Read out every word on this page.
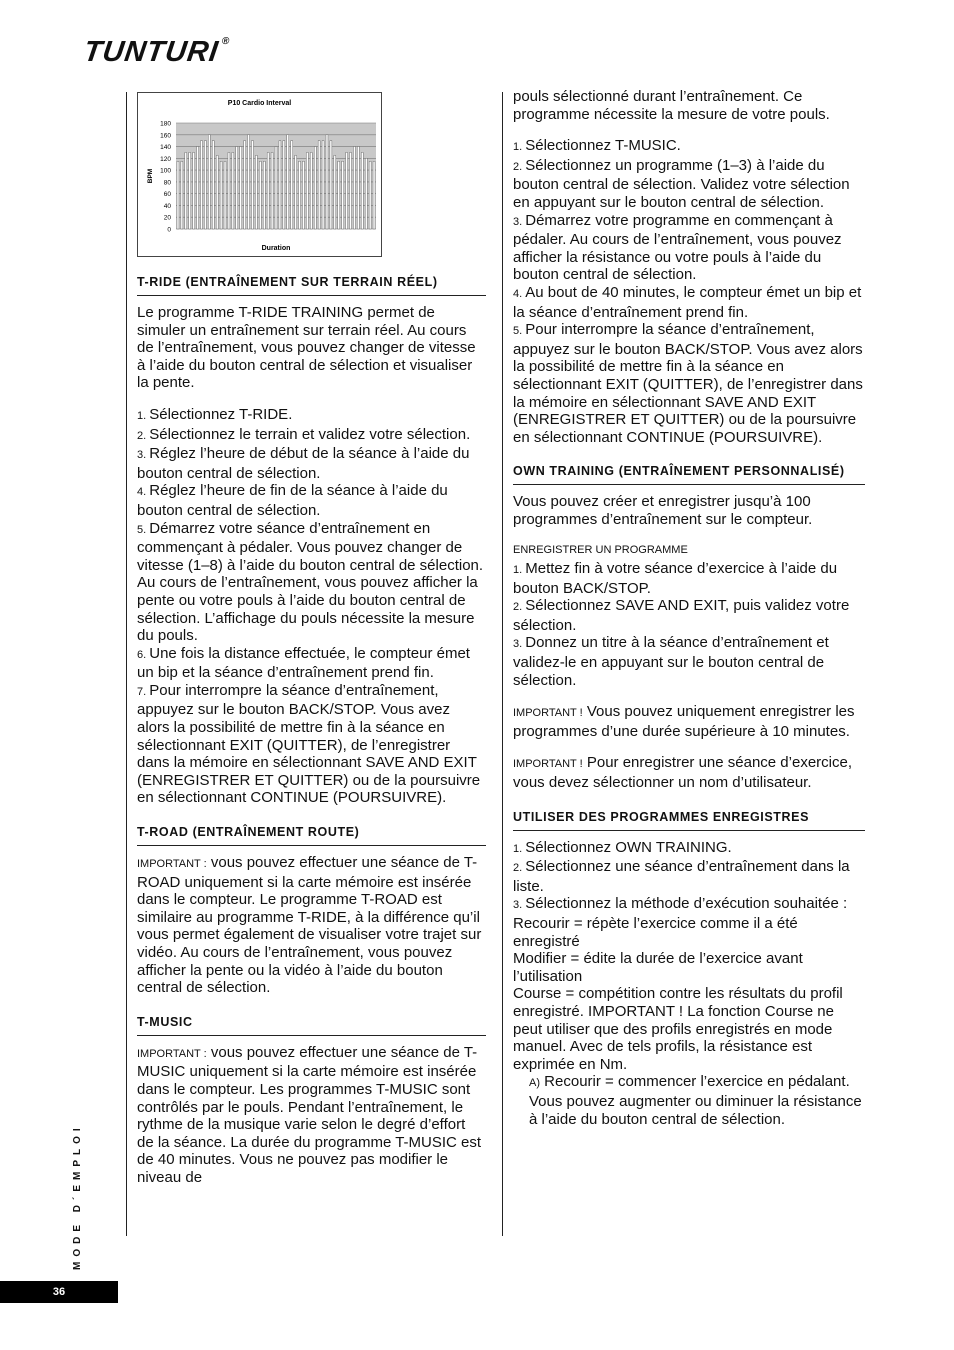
TUNTURI®
MODE D´EMPLOI
36
P10 Cardio Interval
0
20
40
60
80
100
120
140
160
180
BPM
Duration
T-RIDE (ENTRAÎNEMENT SUR TERRAIN RÉEL)

Le programme T-RIDE TRAINING permet de simuler un entraînement sur terrain réel. Au cours de l’entraînement, vous pouvez changer de vitesse à l’aide du bouton central de sélection et visualiser la pente.

1. Sélectionnez T-RIDE.

2. Sélectionnez le terrain et validez votre sélection.

3. Réglez l’heure de début de la séance à l’aide du bouton central de sélection.

4. Réglez l’heure de fin de la séance à l’aide du bouton central de sélection.

5. Démarrez votre séance d’entraînement en commençant à pédaler. Vous pouvez changer de vitesse (1–8) à l’aide du bouton central de sélection. Au cours de l’entraînement, vous pouvez afficher la pente ou votre pouls à l’aide du bouton central de sélection. L’affichage du pouls nécessite la mesure du pouls.

6. Une fois la distance effectuée, le compteur émet un bip et la séance d’entraînement prend fin.

7. Pour interrompre la séance d’entraînement, appuyez sur le bouton BACK/STOP. Vous avez alors la possibilité de mettre fin à la séance en sélectionnant EXIT (QUITTER), de l’enregistrer dans la mémoire en sélectionnant SAVE AND EXIT (ENREGISTRER ET QUITTER) ou de la poursuivre en sélectionnant CONTINUE (POURSUIVRE).

T-ROAD (ENTRAÎNEMENT ROUTE)

IMPORTANT : vous pouvez effectuer une séance de T-ROAD uniquement si la carte mémoire est insérée dans le compteur. Le programme T-ROAD est similaire au programme T-RIDE, à la différence qu’il vous permet également de visualiser votre trajet sur vidéo. Au cours de l’entraînement, vous pouvez afficher la pente ou la vidéo à l’aide du bouton central de sélection.

T-MUSIC

IMPORTANT : vous pouvez effectuer une séance de T-MUSIC uniquement si la carte mémoire est insérée dans le compteur. Les programmes T-MUSIC sont contrôlés par le pouls. Pendant l’entraînement, le rythme de la musique varie selon le degré d’effort de la séance. La durée du programme T-MUSIC est de 40 minutes. Vous ne pouvez pas modifier le niveau de

pouls sélectionné durant l’entraînement. Ce programme nécessite la mesure de votre pouls.

1. Sélectionnez T-MUSIC.

2. Sélectionnez un programme (1–3) à l’aide du bouton central de sélection. Validez votre sélection en appuyant sur le bouton central de sélection.

3. Démarrez votre programme en commençant à pédaler. Au cours de l’entraînement, vous pouvez afficher la résistance ou votre pouls à l’aide du bouton central de sélection.

4. Au bout de 40 minutes, le compteur émet un bip et la séance d’entraînement prend fin.

5. Pour interrompre la séance d’entraînement, appuyez sur le bouton BACK/STOP. Vous avez alors la possibilité de mettre fin à la séance en sélectionnant EXIT (QUITTER), de l’enregistrer dans la mémoire en sélectionnant SAVE AND EXIT (ENREGISTRER ET QUITTER) ou de la poursuivre en sélectionnant CONTINUE (POURSUIVRE).

OWN TRAINING (ENTRAÎNEMENT PERSONNALISÉ)

Vous pouvez créer et enregistrer jusqu’à 100 programmes d’entraînement sur le compteur.

ENREGISTRER UN PROGRAMME

1. Mettez fin à votre séance d’exercice à l’aide du bouton BACK/STOP.

2. Sélectionnez SAVE AND EXIT, puis validez votre sélection.

3. Donnez un titre à la séance d’entraînement et validez-le en appuyant sur le bouton central de sélection.

IMPORTANT ! Vous pouvez uniquement enregistrer les programmes d’une durée supérieure à 10 minutes.

IMPORTANT ! Pour enregistrer une séance d’exercice, vous devez sélectionner un nom d’utilisateur.

UTILISER DES PROGRAMMES ENREGISTRES

1. Sélectionnez OWN TRAINING.

2. Sélectionnez une séance d’entraînement dans la liste.

3. Sélectionnez la méthode d’exécution souhaitée :

Recourir = répète l’exercice comme il a été enregistré

Modifier = édite la durée de l’exercice avant l’utilisation

Course = compétition contre les résultats du profil enregistré. IMPORTANT ! La fonction Course ne peut utiliser que des profils enregistrés en mode manuel. Avec de tels profils, la résistance est exprimée en Nm.

A) Recourir = commencer l’exercice en pédalant. Vous pouvez augmenter ou diminuer la résistance à l’aide du bouton central de sélection.
